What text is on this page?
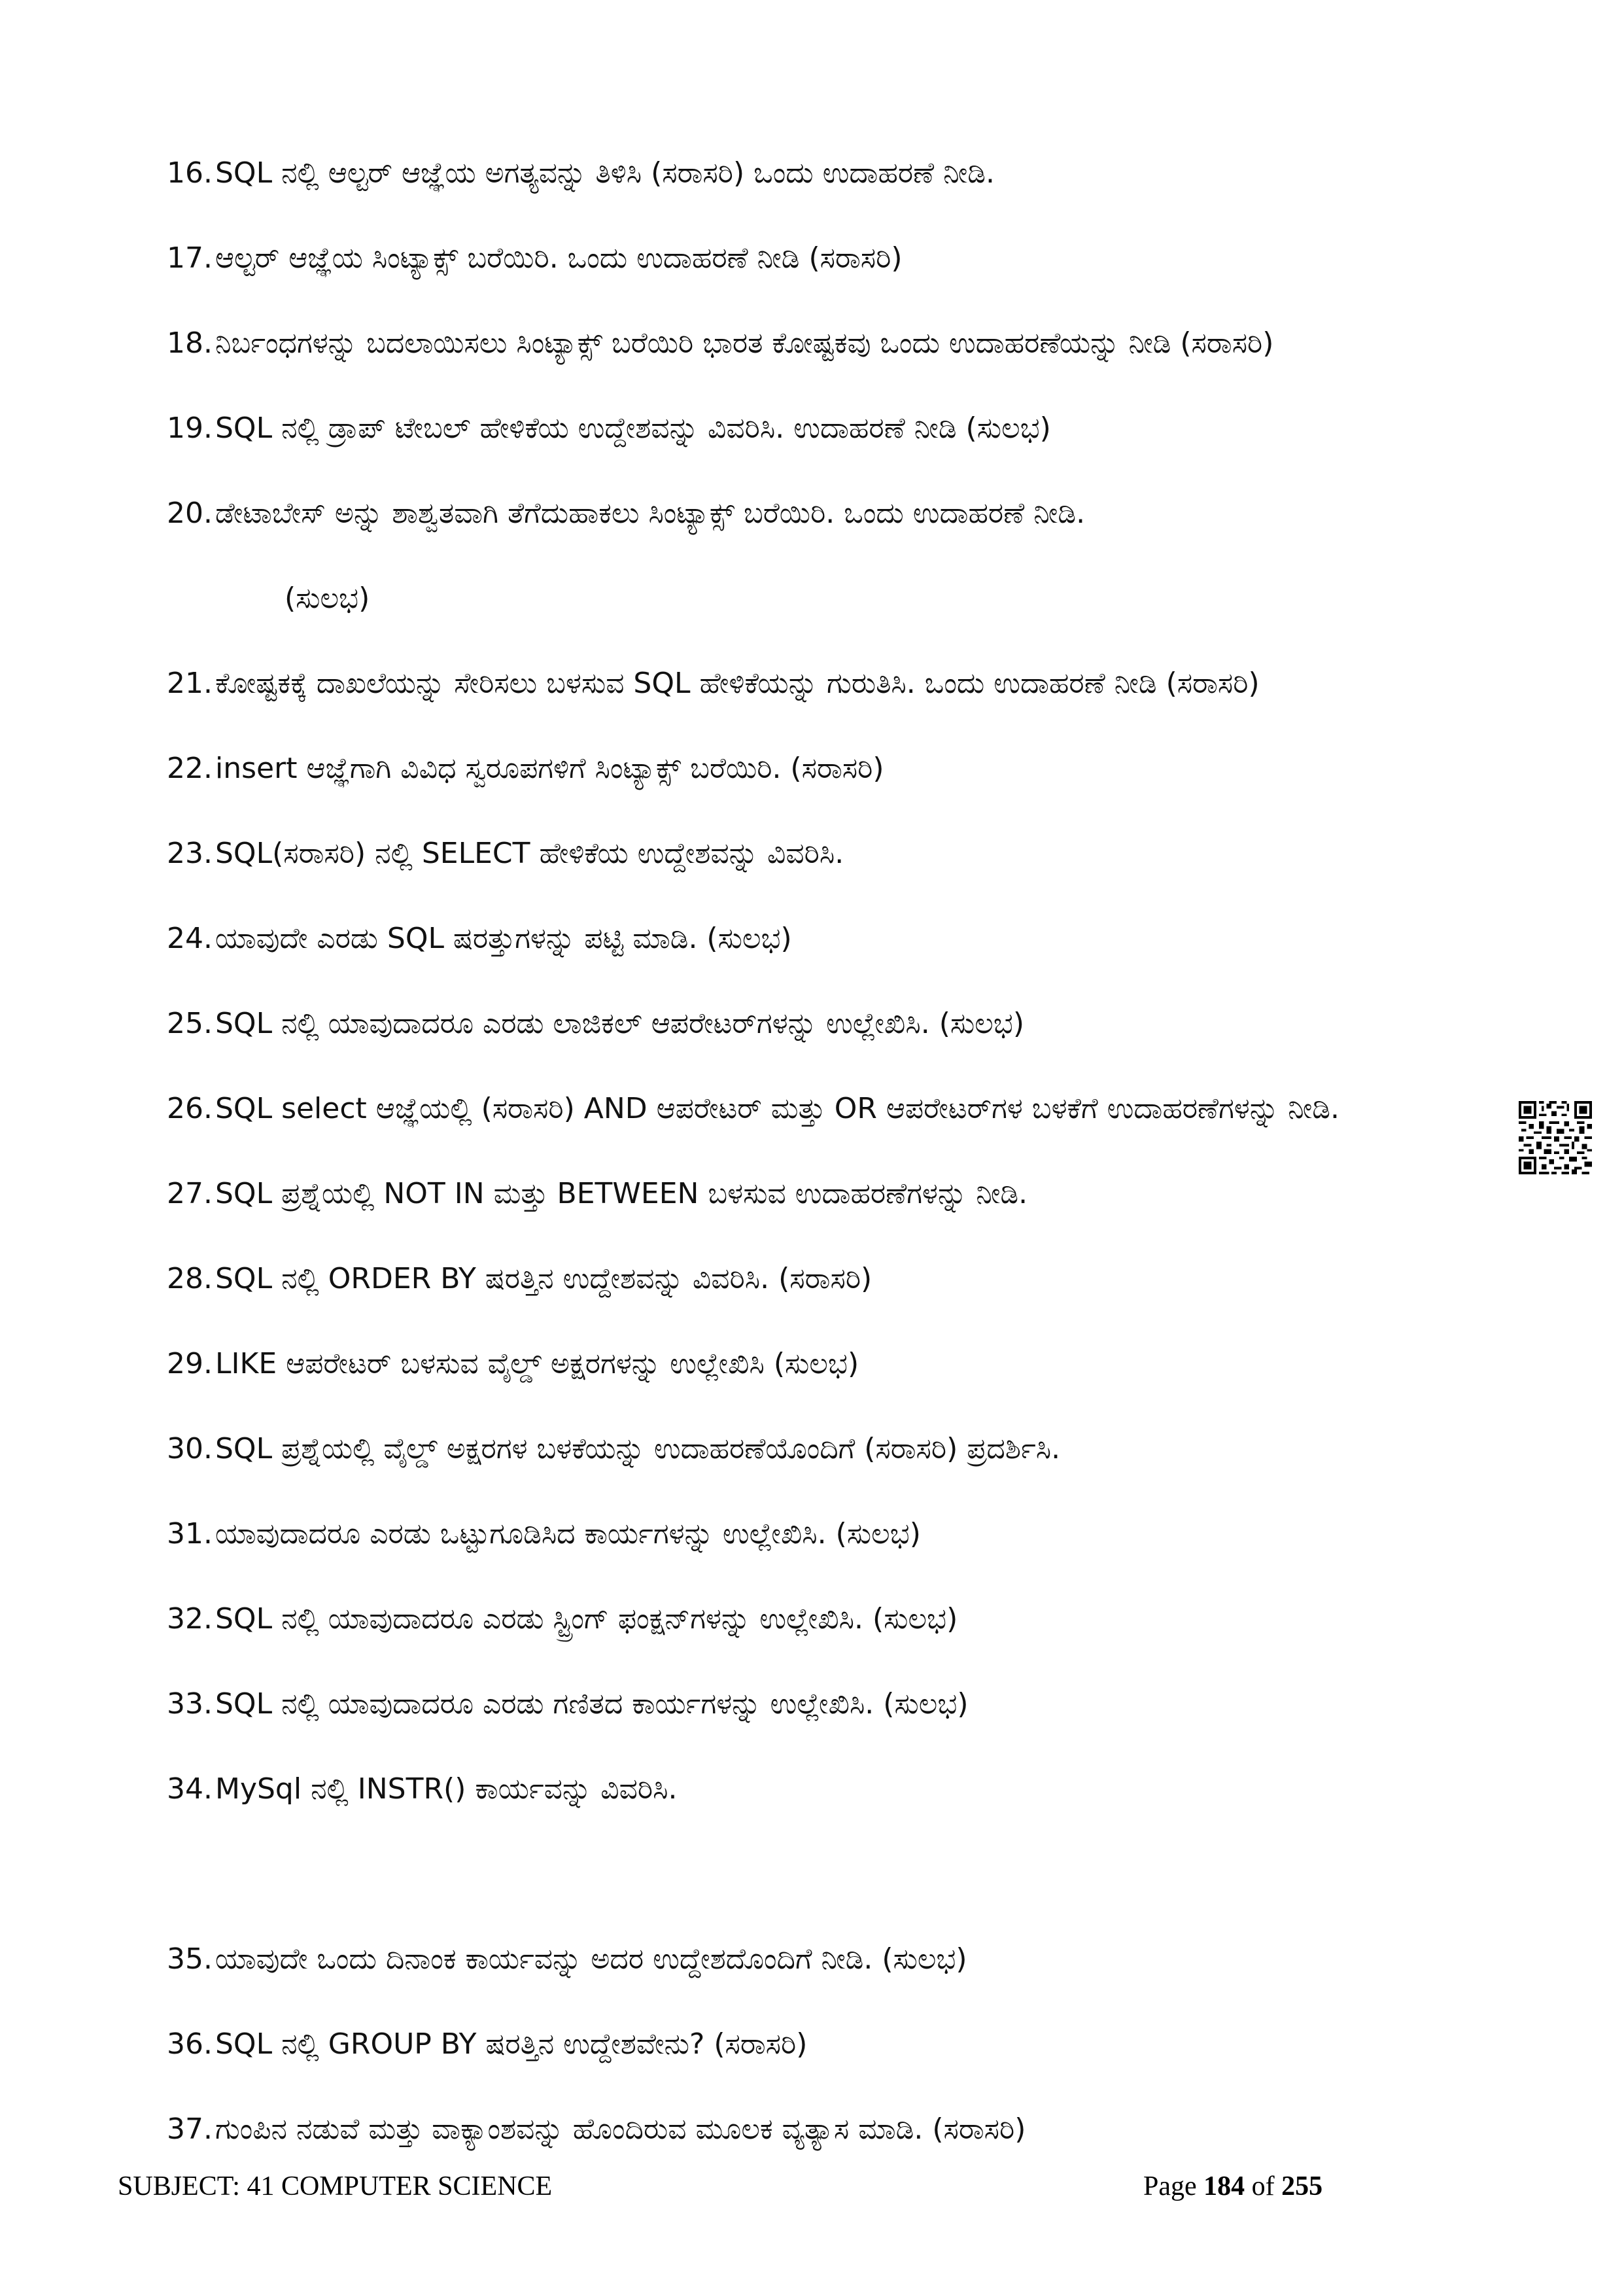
16.SQL ನಲ್ಲಿ ಆಲ್ಟರ್ ಆಜ್ಞೆಯ ಅಗತ್ಯವನ್ನು ತಿಳಿಸಿ (ಸರಾಸರಿ) ಒಂದು ಉದಾಹರಣೆ ನೀಡಿ.
17.ಆಲ್ಟರ್ ಆಜ್ಞೆಯ ಸಿಂಟ್ಯಾಕ್ಸ್ ಬರೆಯಿರಿ. ಒಂದು ಉದಾಹರಣೆ ನೀಡಿ (ಸರಾಸರಿ)
18.ನಿರ್ಬಂಧಗಳನ್ನು ಬದಲಾಯಿಸಲು ಸಿಂಟ್ಯಾಕ್ಸ್ ಬರೆಯಿರಿ ಭಾರತ ಕೋಷ್ಟಕವು ಒಂದು ಉದಾಹರಣೆಯನ್ನು ನೀಡಿ (ಸರಾಸರಿ)
19.SQL ನಲ್ಲಿ ಡ್ರಾಪ್ ಟೇಬಲ್ ಹೇಳಿಕೆಯ ಉದ್ದೇಶವನ್ನು ವಿವರಿಸಿ. ಉದಾಹರಣೆ ನೀಡಿ (ಸುಲಭ)
20.ಡೇಟಾಬೇಸ್ ಅನ್ನು ಶಾಶ್ವತವಾಗಿ ತೆಗೆದುಹಾಕಲು ಸಿಂಟ್ಯಾಕ್ಸ್ ಬರೆಯಿರಿ. ಒಂದು ಉದಾಹರಣೆ ನೀಡಿ.
(ಸುಲಭ)
21.ಕೋಷ್ಟಕಕ್ಕೆ ದಾಖಲೆಯನ್ನು ಸೇರಿಸಲು ಬಳಸುವ SQL ಹೇಳಿಕೆಯನ್ನು ಗುರುತಿಸಿ. ಒಂದು ಉದಾಹರಣೆ ನೀಡಿ (ಸರಾಸರಿ)
22.insert ಆಜ್ಞೆಗಾಗಿ ವಿವಿಧ ಸ್ವರೂಪಗಳಿಗೆ ಸಿಂಟ್ಯಾಕ್ಸ್ ಬರೆಯಿರಿ. (ಸರಾಸರಿ)
23.SQL(ಸರಾಸರಿ) ನಲ್ಲಿ SELECT ಹೇಳಿಕೆಯ ಉದ್ದೇಶವನ್ನು ವಿವರಿಸಿ.
24.ಯಾವುದೇ ಎರಡು SQL ಷರತ್ತುಗಳನ್ನು ಪಟ್ಟಿ ಮಾಡಿ. (ಸುಲಭ)
25.SQL ನಲ್ಲಿ ಯಾವುದಾದರೂ ಎರಡು ಲಾಜಿಕಲ್ ಆಪರೇಟರ್‌ಗಳನ್ನು ಉಲ್ಲೇಖಿಸಿ. (ಸುಲಭ)
26.SQL select ಆಜ್ಞೆಯಲ್ಲಿ (ಸರಾಸರಿ) AND ಆಪರೇಟರ್ ಮತ್ತು OR ಆಪರೇಟರ್‌ಗಳ ಬಳಕೆಗೆ ಉದಾಹರಣೆಗಳನ್ನು ನೀಡಿ.
27.SQL ಪ್ರಶ್ನೆಯಲ್ಲಿ NOT IN ಮತ್ತು BETWEEN ಬಳಸುವ ಉದಾಹರಣೆಗಳನ್ನು ನೀಡಿ.
28.SQL ನಲ್ಲಿ ORDER BY ಷರತ್ತಿನ ಉದ್ದೇಶವನ್ನು ವಿವರಿಸಿ. (ಸರಾಸರಿ)
29.LIKE ಆಪರೇಟರ್ ಬಳಸುವ ವೈಲ್ಡ್ ಅಕ್ಷರಗಳನ್ನು ಉಲ್ಲೇಖಿಸಿ (ಸುಲಭ)
30.SQL ಪ್ರಶ್ನೆಯಲ್ಲಿ ವೈಲ್ಡ್ ಅಕ್ಷರಗಳ ಬಳಕೆಯನ್ನು ಉದಾಹರಣೆಯೊಂದಿಗೆ (ಸರಾಸರಿ) ಪ್ರದರ್ಶಿಸಿ.
31.ಯಾವುದಾದರೂ ಎರಡು ಒಟ್ಟುಗೂಡಿಸಿದ ಕಾರ್ಯಗಳನ್ನು ಉಲ್ಲೇಖಿಸಿ. (ಸುಲಭ)
32.SQL ನಲ್ಲಿ ಯಾವುದಾದರೂ ಎರಡು ಸ್ಟ್ರಿಂಗ್ ಫಂಕ್ಷನ್‌ಗಳನ್ನು ಉಲ್ಲೇಖಿಸಿ. (ಸುಲಭ)
33.SQL ನಲ್ಲಿ ಯಾವುದಾದರೂ ಎರಡು ಗಣಿತದ ಕಾರ್ಯಗಳನ್ನು ಉಲ್ಲೇಖಿಸಿ. (ಸುಲಭ)
34.MySql ನಲ್ಲಿ INSTR() ಕಾರ್ಯವನ್ನು ವಿವರಿಸಿ.
35.ಯಾವುದೇ ಒಂದು ದಿನಾಂಕ ಕಾರ್ಯವನ್ನು ಅದರ ಉದ್ದೇಶದೊಂದಿಗೆ ನೀಡಿ. (ಸುಲಭ)
36.SQL ನಲ್ಲಿ GROUP BY ಷರತ್ತಿನ ಉದ್ದೇಶವೇನು? (ಸರಾಸರಿ)
37.ಗುಂಪಿನ ನಡುವೆ ಮತ್ತು ವಾಕ್ಯಾಂಶವನ್ನು ಹೊಂದಿರುವ ಮೂಲಕ ವ್ಯತ್ಯಾಸ ಮಾಡಿ. (ಸರಾಸರಿ)
SUBJECT: 41 COMPUTER SCIENCE	Page 184 of 255
